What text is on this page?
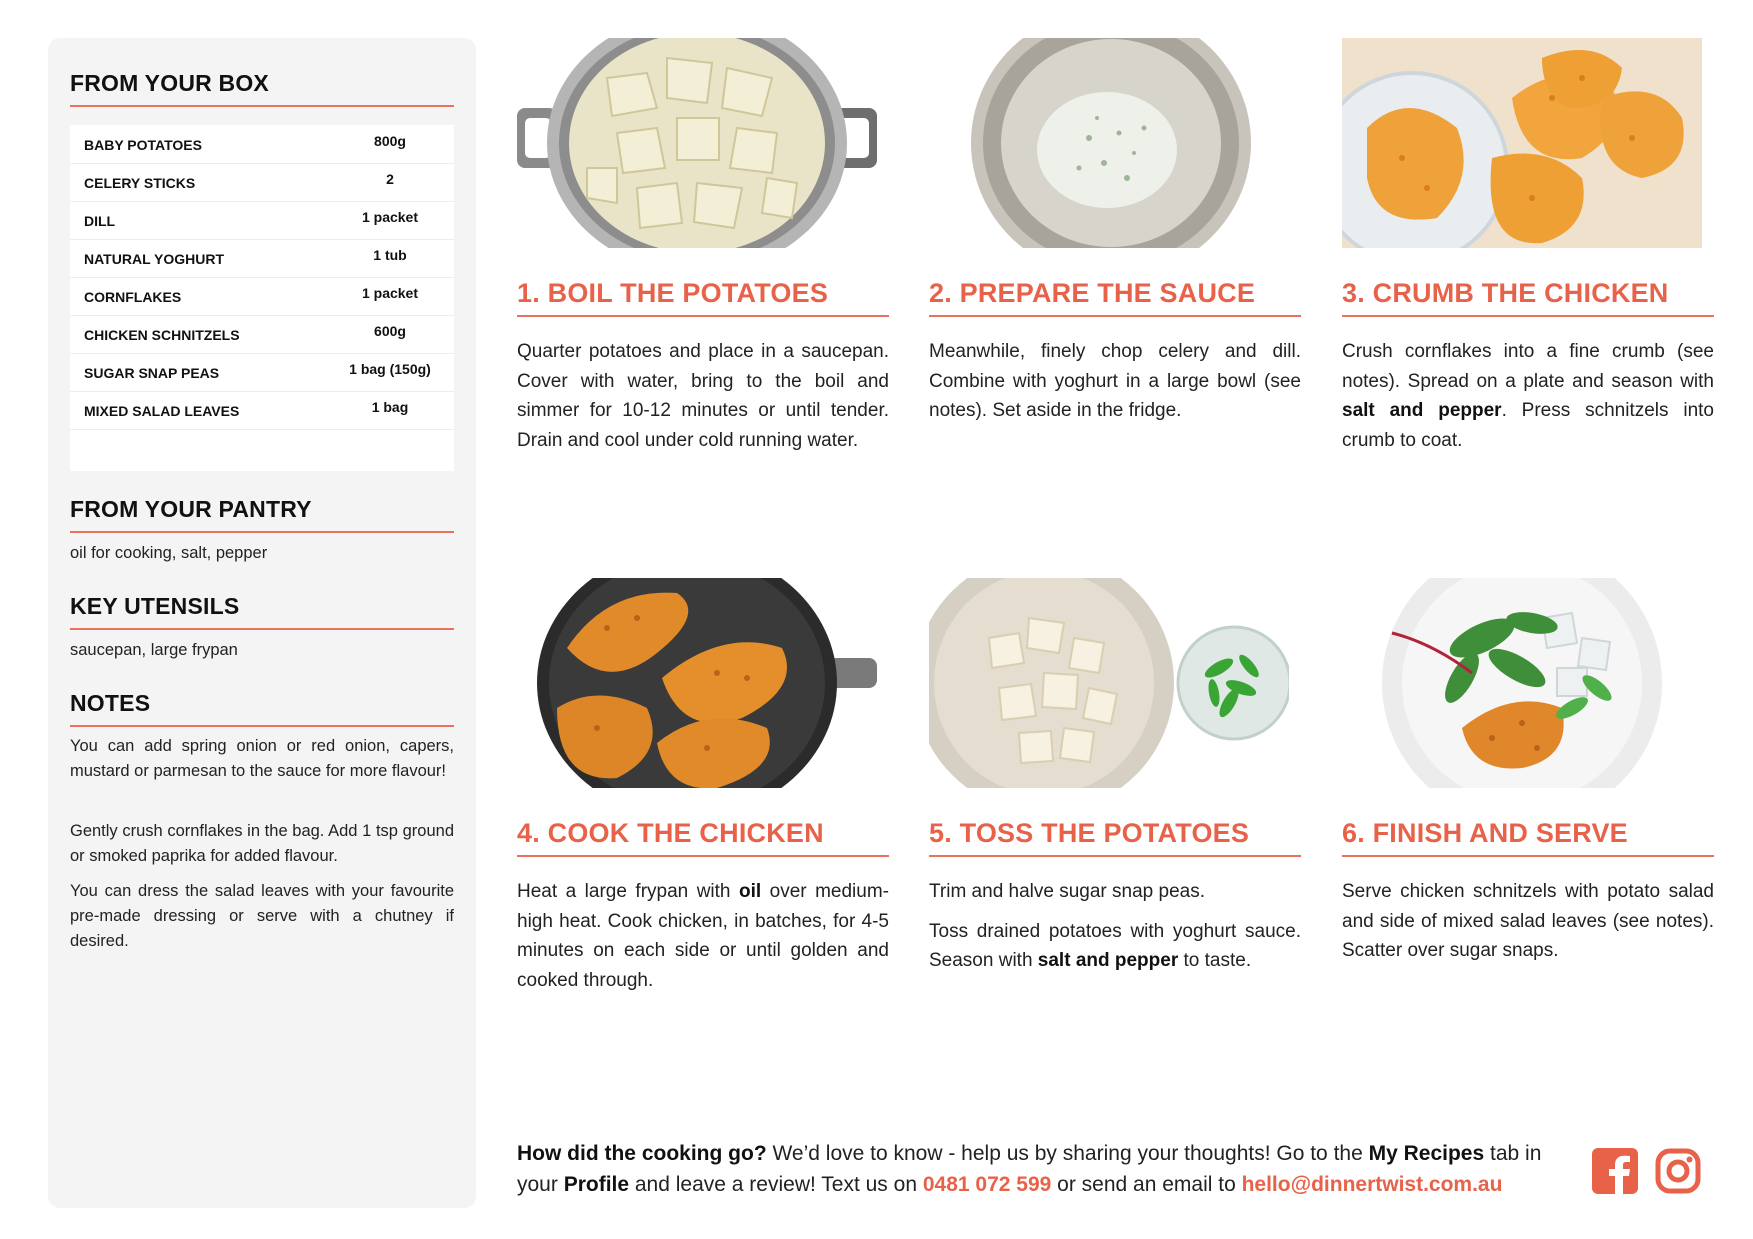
FROM YOUR BOX
BABY POTATOES	800g
CELERY STICKS	2
DILL	1 packet
NATURAL YOGHURT	1 tub
CORNFLAKES	1 packet
CHICKEN SCHNITZELS	600g
SUGAR SNAP PEAS	1 bag (150g)
MIXED SALAD LEAVES	1 bag
FROM YOUR PANTRY
oil for cooking, salt, pepper
KEY UTENSILS
saucepan, large frypan
NOTES
You can add spring onion or red onion, capers, mustard or parmesan to the sauce for more flavour!
Gently crush cornflakes in the bag. Add 1 tsp ground or smoked paprika for added flavour.
You can dress the salad leaves with your favourite pre-made dressing or serve with a chutney if desired.
1. BOIL THE POTATOES

Quarter potatoes and place in a saucepan. Cover with water, bring to the boil and simmer for 10-12 minutes or until tender. Drain and cool under cold running water.

2. PREPARE THE SAUCE

Meanwhile, finely chop celery and dill. Combine with yoghurt in a large bowl (see notes). Set aside in the fridge.

3. CRUMB THE CHICKEN

Crush cornflakes into a fine crumb (see notes). Spread on a plate and season with salt and pepper. Press schnitzels into crumb to coat.

4. COOK THE CHICKEN

Heat a large frypan with oil over medium-high heat. Cook chicken, in batches, for 4-5 minutes on each side or until golden and cooked through.

5. TOSS THE POTATOES

Trim and halve sugar snap peas.

Toss drained potatoes with yoghurt sauce. Season with salt and pepper to taste.

6. FINISH AND SERVE

Serve chicken schnitzels with potato salad and side of mixed salad leaves (see notes). Scatter over sugar snaps.

How did the cooking go? We’d love to know - help us by sharing your thoughts! Go to the My Recipes tab in your Profile and leave a review! Text us on 0481 072 599 or send an email to hello@dinnertwist.com.au
